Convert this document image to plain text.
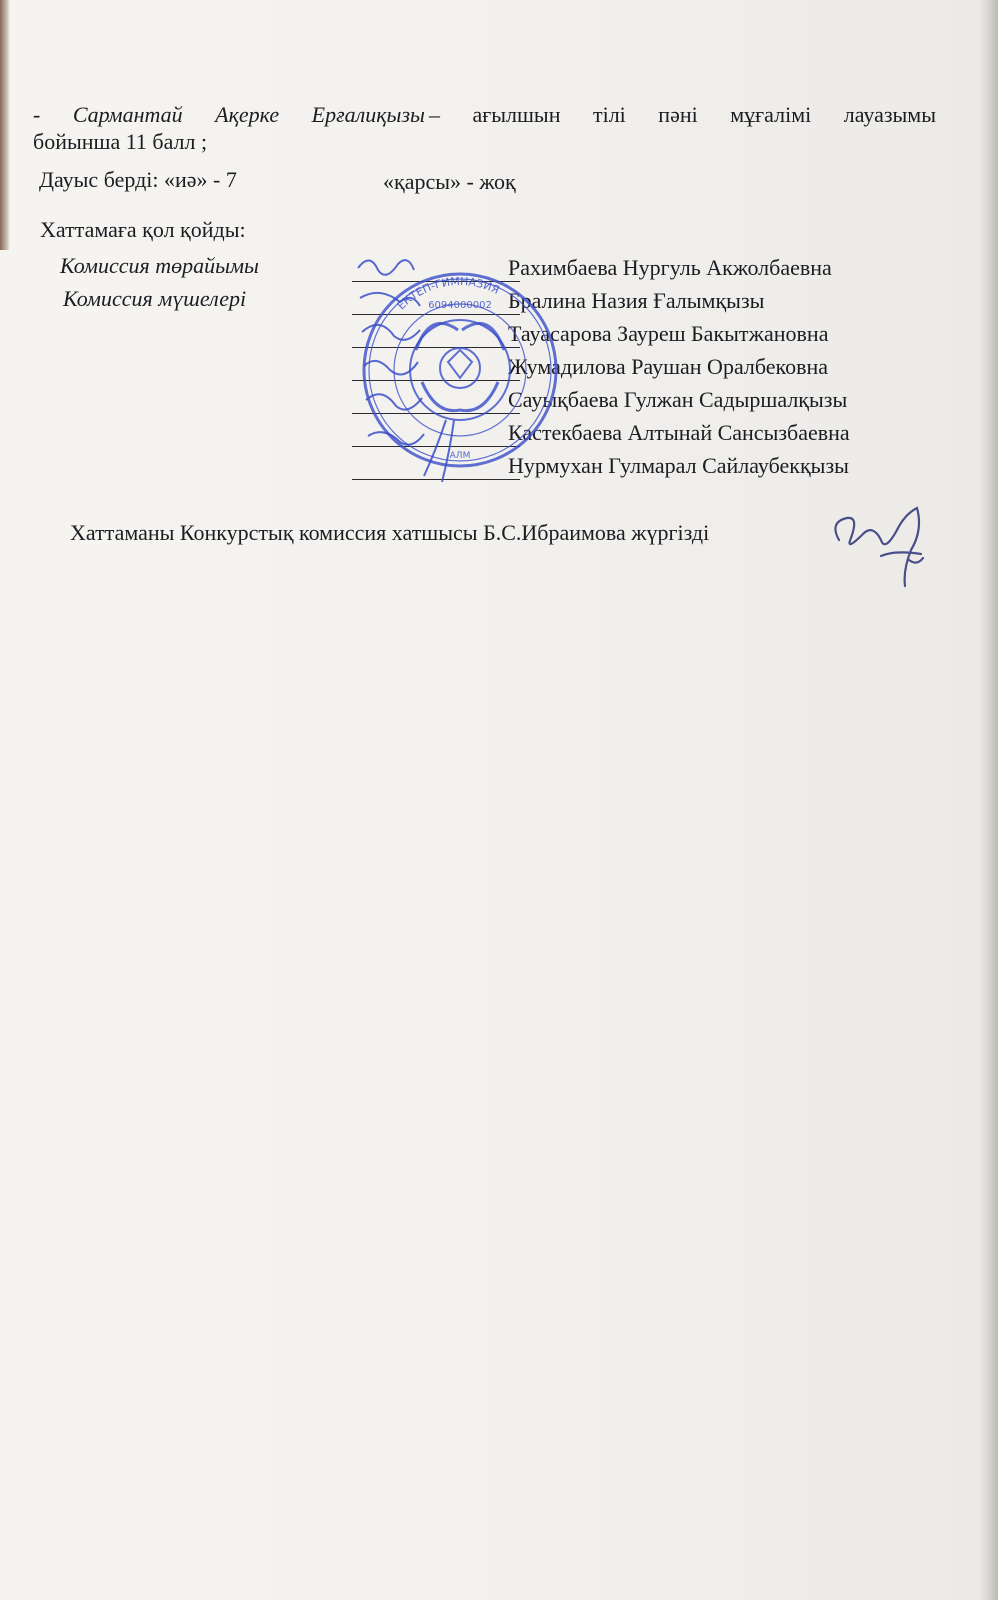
- Сармантай Ақерке Ерғалиқызы – ағылшын тілі пәні мұғалімі лауазымы
бойынша 11 балл ;
Дауыс берді: «иә» - 7	«қарсы» - жоқ
Хаттамаға қол қойды:
Комиссия төрайымы
Комиссия мүшелері
Рахимбаева Нургуль Акжолбаевна
Бралина Назия Ғалымқызы
Тауасарова Зауреш Бакытжановна
Жумадилова Раушан Оралбековна
Сауықбаева Гулжан Садыршалқызы
Кастекбаева Алтынай Сансызбаевна
Нурмухан Гулмарал Сайлаубекқызы
ЕКТЕП-ГИМНАЗИЯ
6094000002
АЛМ
Хаттаманы Конкурстық комиссия хатшысы Б.С.Ибраимова жүргізді
